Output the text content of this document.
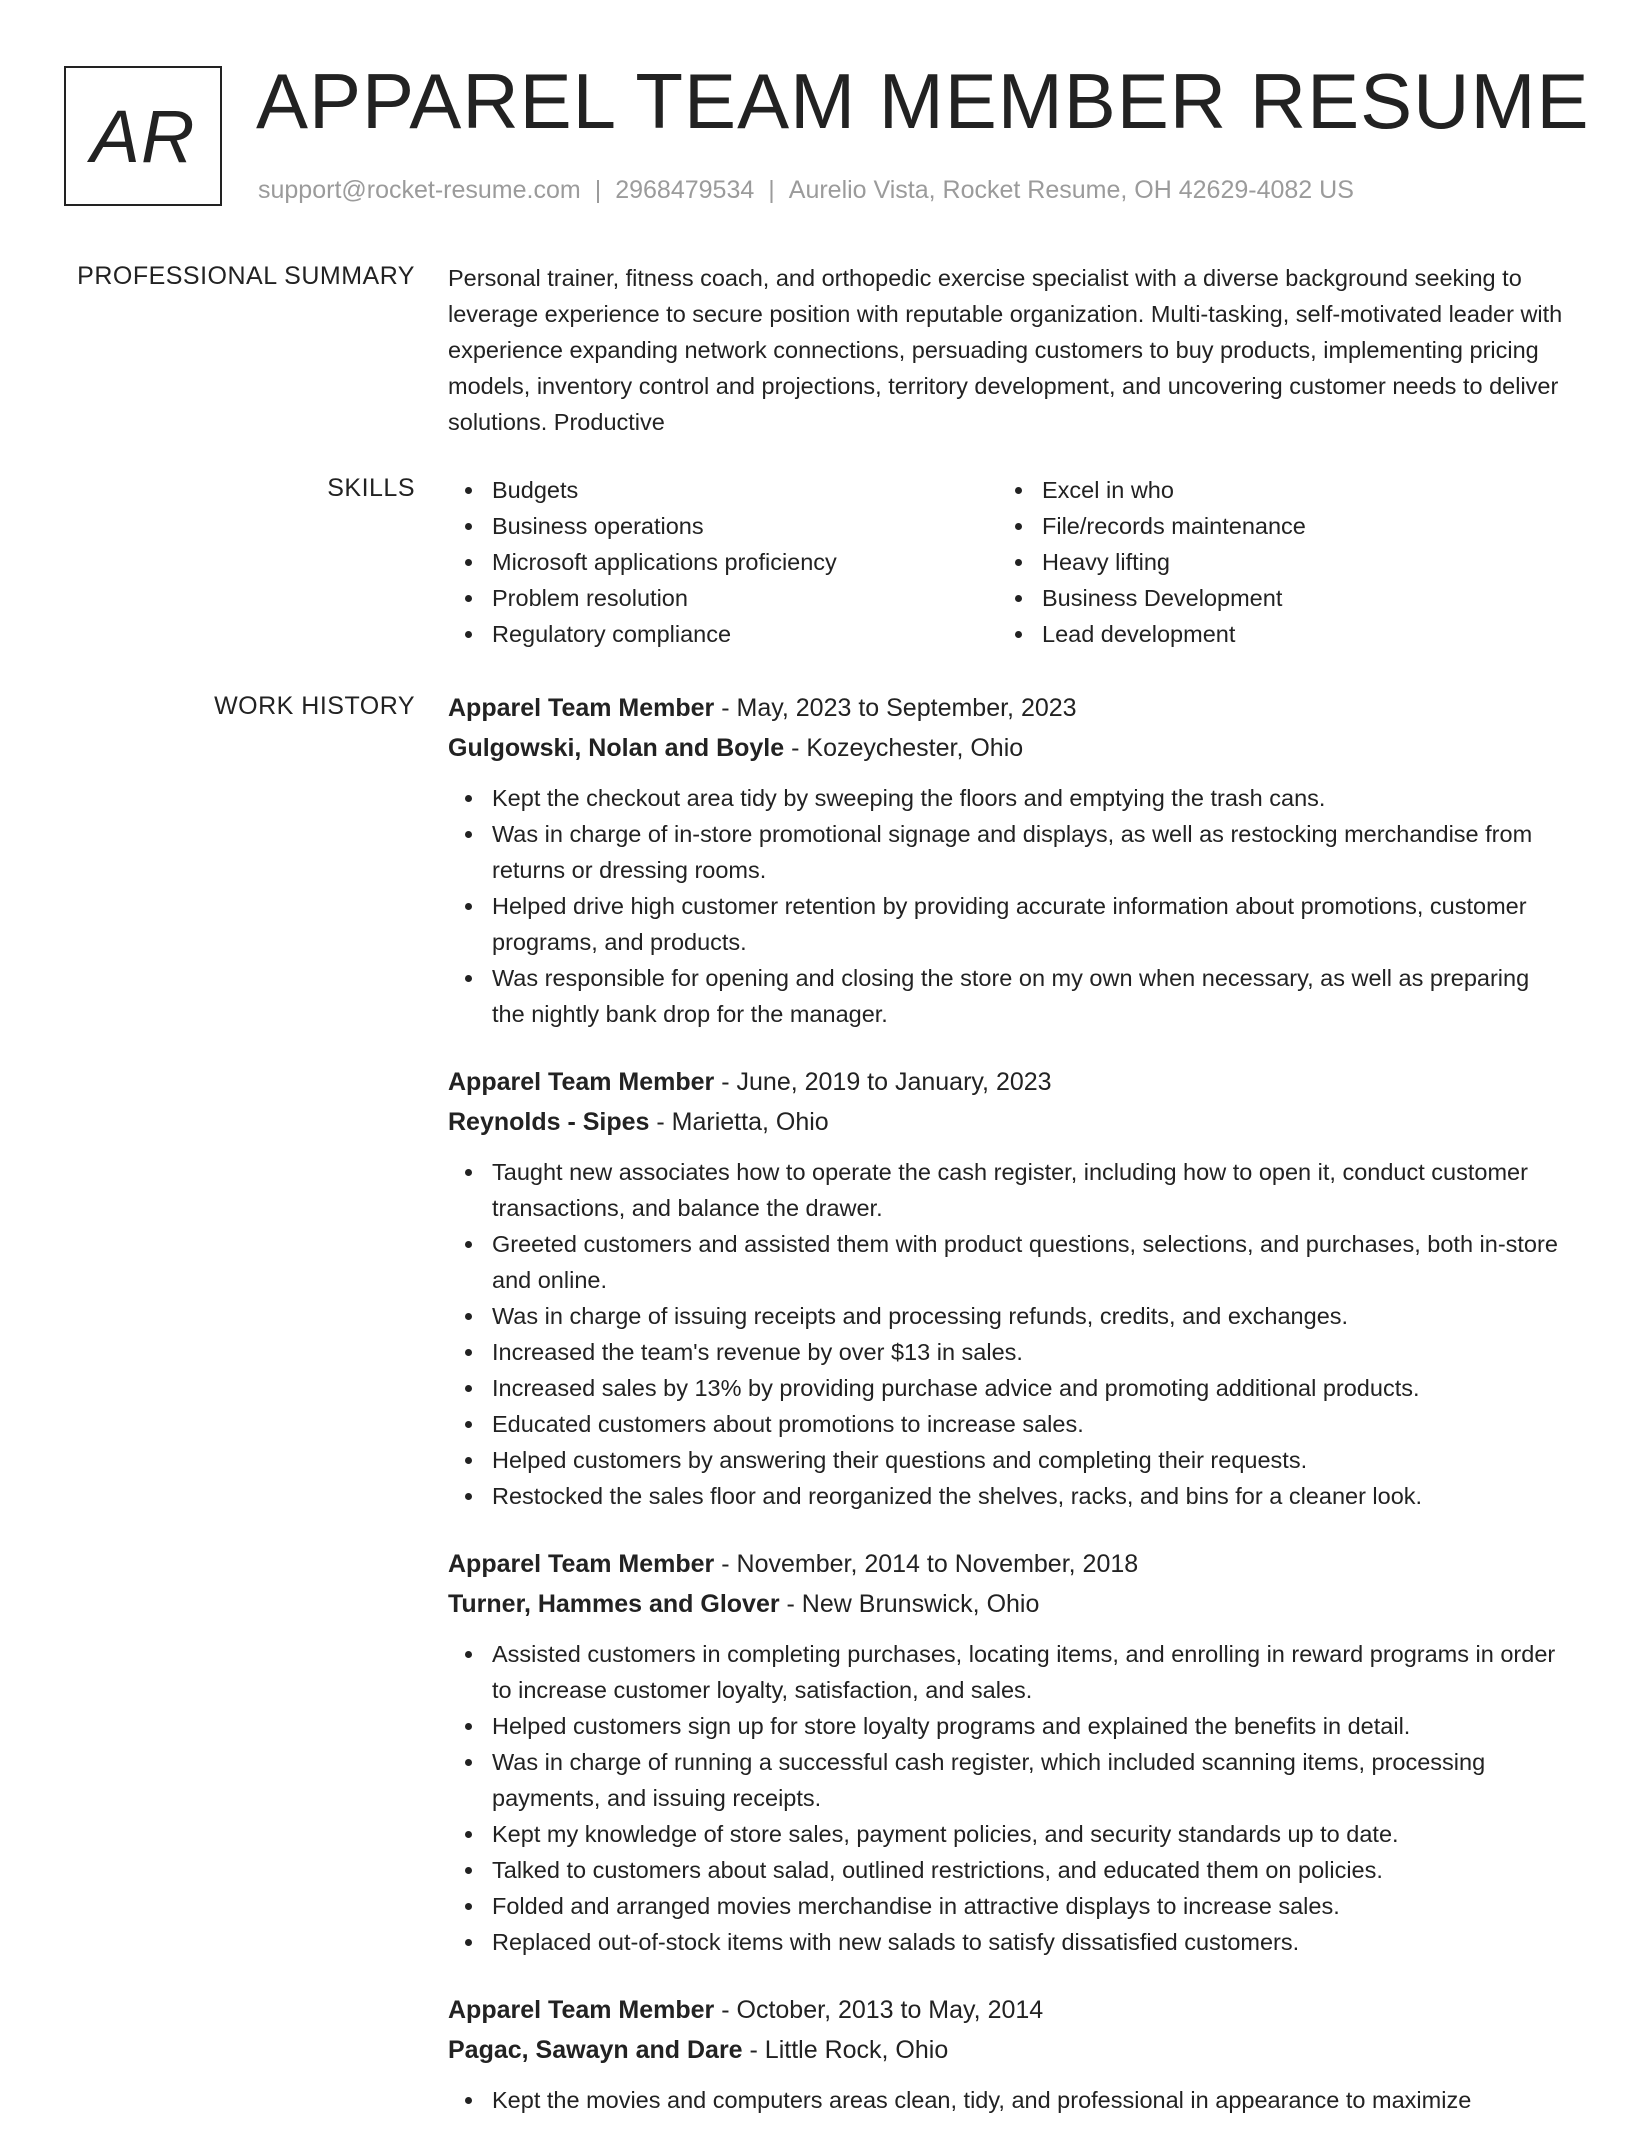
AR APPAREL TEAM MEMBER RESUME
support@rocket-resume.com | 2968479534 | Aurelio Vista, Rocket Resume, OH 42629-4082 US
PROFESSIONAL SUMMARY Personal trainer, fitness coach, and orthopedic exercise specialist with a diverse background seeking to leverage experience to secure position with reputable organization. Multi-tasking, self-motivated leader with experience expanding network connections, persuading customers to buy products, implementing pricing models, inventory control and projections, territory development, and uncovering customer needs to deliver solutions. Productive

SKILLS	Budgets
Business operations
Microsoft applications proficiency
Problem resolution
Regulatory compliance
Excel in who
File/records maintenance
Heavy lifting
Business Development
Lead development
WORK HISTORY Apparel Team Member - May, 2023 to September, 2023
Gulgowski, Nolan and Boyle - Kozeychester, Ohio
Kept the checkout area tidy by sweeping the floors and emptying the trash cans.
Was in charge of in-store promotional signage and displays, as well as restocking merchandise from returns or dressing rooms.
Helped drive high customer retention by providing accurate information about promotions, customer programs, and products.
Was responsible for opening and closing the store on my own when necessary, as well as preparing the nightly bank drop for the manager.
Apparel Team Member - June, 2019 to January, 2023
Reynolds - Sipes - Marietta, Ohio
Taught new associates how to operate the cash register, including how to open it, conduct customer transactions, and balance the drawer.
Greeted customers and assisted them with product questions, selections, and purchases, both in-store and online.
Was in charge of issuing receipts and processing refunds, credits, and exchanges.
Increased the team's revenue by over $13 in sales.
Increased sales by 13% by providing purchase advice and promoting additional products.
Educated customers about promotions to increase sales.
Helped customers by answering their questions and completing their requests.
Restocked the sales floor and reorganized the shelves, racks, and bins for a cleaner look.
Apparel Team Member - November, 2014 to November, 2018
Turner, Hammes and Glover - New Brunswick, Ohio
Assisted customers in completing purchases, locating items, and enrolling in reward programs in order to increase customer loyalty, satisfaction, and sales.
Helped customers sign up for store loyalty programs and explained the benefits in detail.
Was in charge of running a successful cash register, which included scanning items, processing payments, and issuing receipts.
Kept my knowledge of store sales, payment policies, and security standards up to date.
Talked to customers about salad, outlined restrictions, and educated them on policies.
Folded and arranged movies merchandise in attractive displays to increase sales.
Replaced out-of-stock items with new salads to satisfy dissatisfied customers.
Apparel Team Member - October, 2013 to May, 2014
Pagac, Sawayn and Dare - Little Rock, Ohio
Kept the movies and computers areas clean, tidy, and professional in appearance to maximize
